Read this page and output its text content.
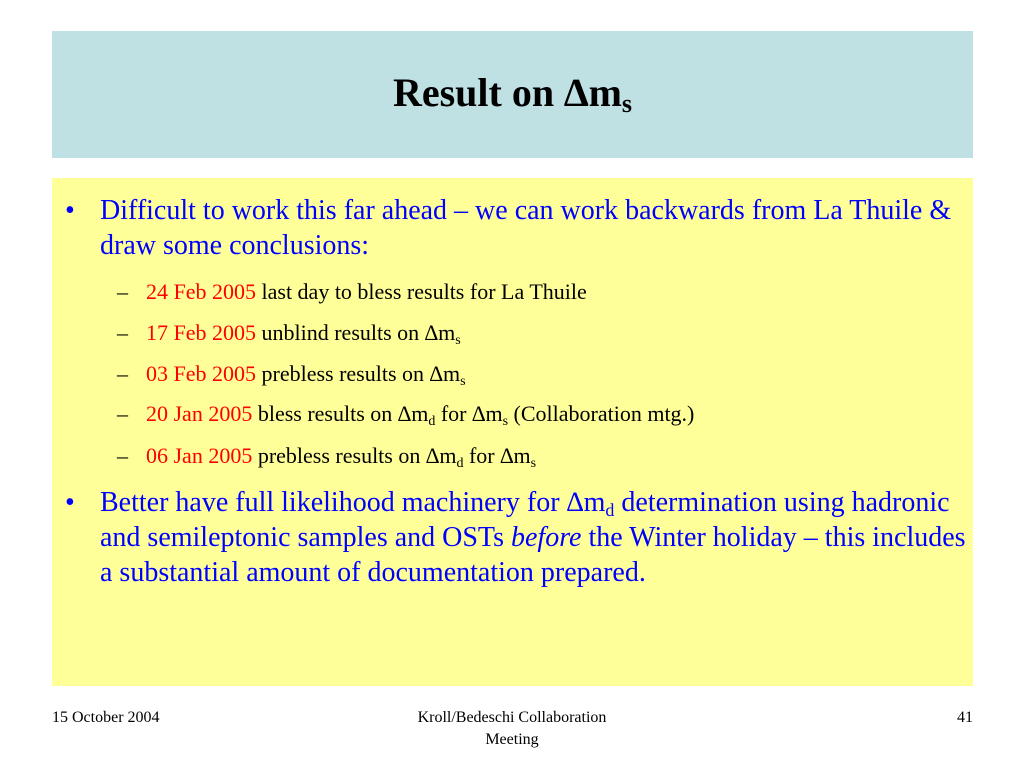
Result on $\Delta m_s$
• Difficult to work this far ahead – we can work backwards from La Thuile & draw some conclusions:
– 24 Feb 2005 last day to bless results for La Thuile
– 17 Feb 2005 unblind results on $\Delta m_s$
– 03 Feb 2005 prebless results on $\Delta m_s$
– 20 Jan 2005 bless results on $\Delta m_d$ for $\Delta m_s$ (Collaboration mtg.)
– 06 Jan 2005 prebless results on $\Delta m_d$ for $\Delta m_s$
• Better have full likelihood machinery for $\Delta m_d$ determination using hadronic and semileptonic samples and OSTs before the Winter holiday – this includes a substantial amount of documentation prepared.
15 October 2004	Kroll/Bedeschi Collaboration
Meeting
41
